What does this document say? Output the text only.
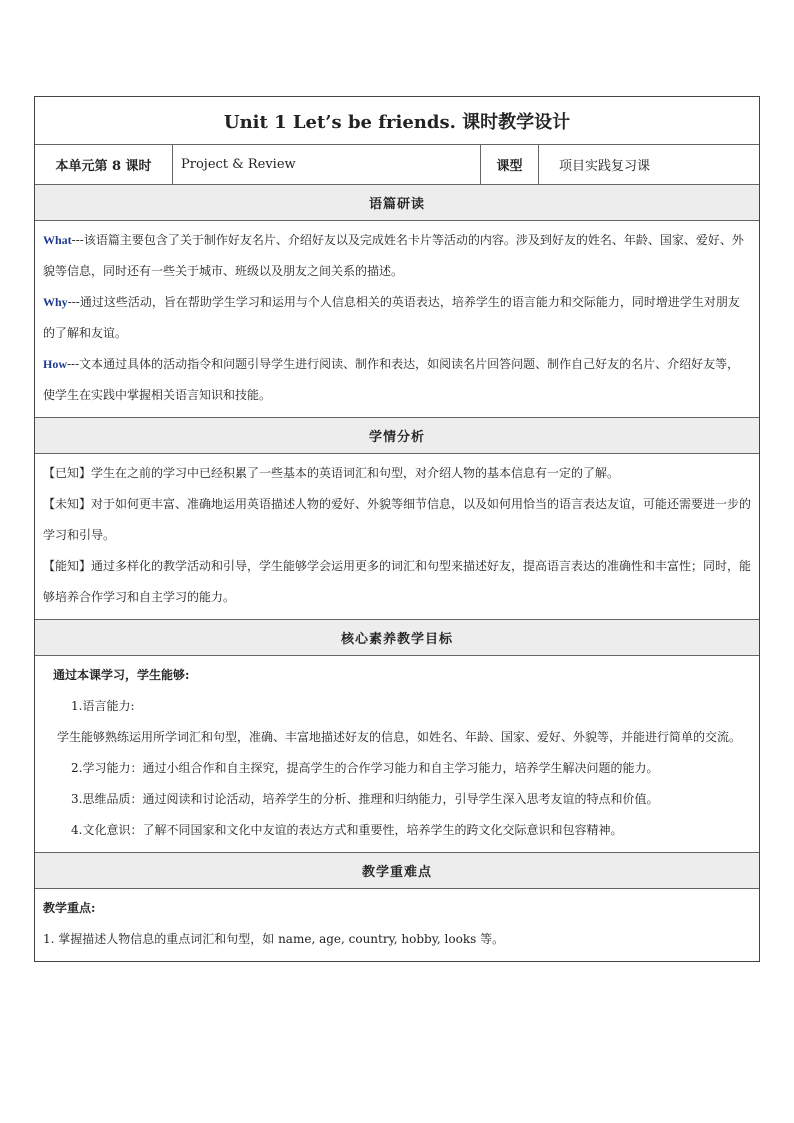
Unit 1 Let’s be friends. 课时教学设计
本单元第 8 课时	Project & Review	课型	项目实践复习课
语篇研读

What---该语篇主要包含了关于制作好友名片、介绍好友以及完成姓名卡片等活动的内容。涉及到好友的姓名、年龄、国家、爱好、外貌等信息，同时还有一些关于城市、班级以及朋友之间关系的描述。

Why---通过这些活动，旨在帮助学生学习和运用与个人信息相关的英语表达，培养学生的语言能力和交际能力，同时增进学生对朋友的了解和友谊。

How---文本通过具体的活动指令和问题引导学生进行阅读、制作和表达，如阅读名片回答问题、制作自己好友的名片、介绍好友等，使学生在实践中掌握相关语言知识和技能。

学情分析

【已知】学生在之前的学习中已经积累了一些基本的英语词汇和句型，对介绍人物的基本信息有一定的了解。

【未知】对于如何更丰富、准确地运用英语描述人物的爱好、外貌等细节信息，以及如何用恰当的语言表达友谊，可能还需要进一步的学习和引导。

【能知】通过多样化的教学活动和引导，学生能够学会运用更多的词汇和句型来描述好友，提高语言表达的准确性和丰富性；同时，能够培养合作学习和自主学习的能力。

核心素养教学目标

通过本课学习，学生能够:

1.语言能力:

学生能够熟练运用所学词汇和句型，准确、丰富地描述好友的信息，如姓名、年龄、国家、爱好、外貌等，并能进行简单的交流。

2.学习能力：通过小组合作和自主探究，提高学生的合作学习能力和自主学习能力，培养学生解决问题的能力。

3.思维品质：通过阅读和讨论活动，培养学生的分析、推理和归纳能力，引导学生深入思考友谊的特点和价值。

4.文化意识：了解不同国家和文化中友谊的表达方式和重要性，培养学生的跨文化交际意识和包容精神。

教学重难点

教学重点:

1. 掌握描述人物信息的重点词汇和句型，如 name, age, country, hobby, looks 等。
